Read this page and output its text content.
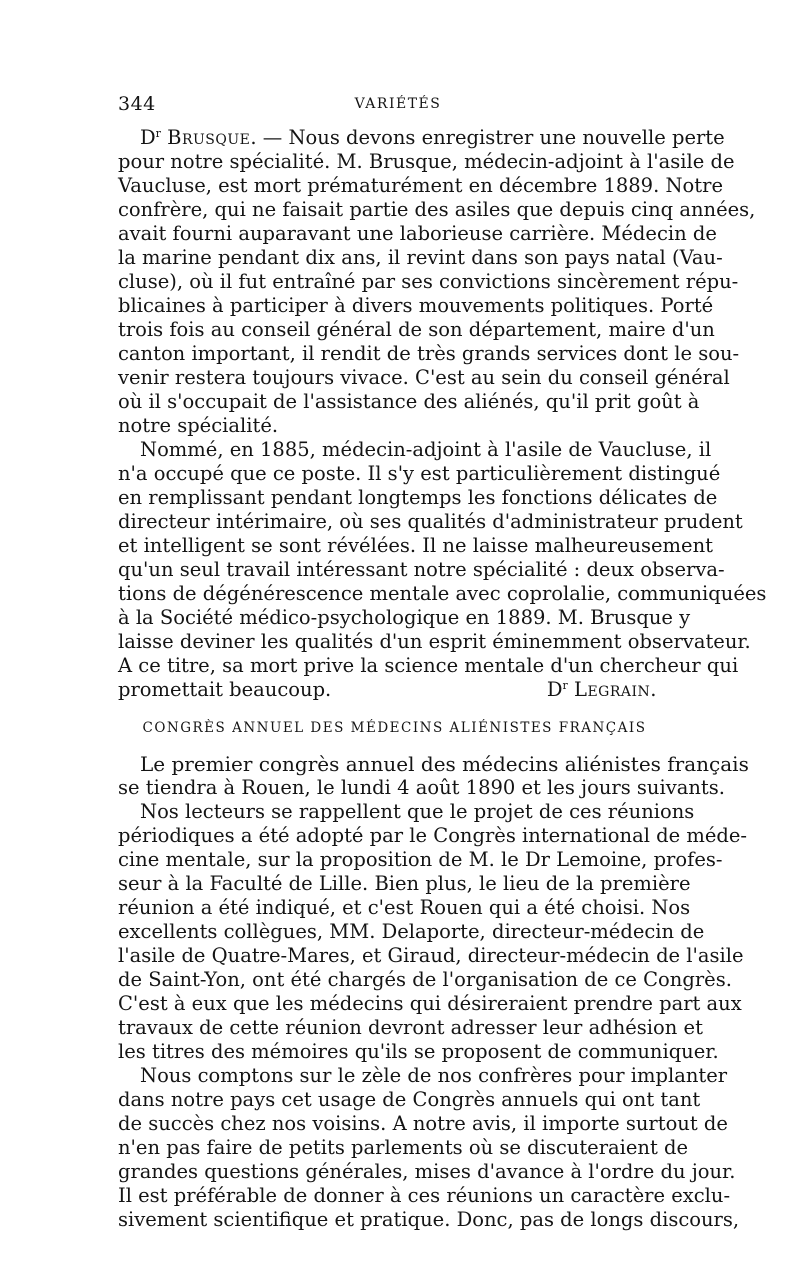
344	VARIÉTÉS
$D^r$ Brusque. — Nous devons enregistrer une nouvelle perte
pour notre spécialité. M. Brusque, médecin-adjoint à l'asile de
Vaucluse, est mort prématurément en décembre 1889. Notre
confrère, qui ne faisait partie des asiles que depuis cinq années,
avait fourni auparavant une laborieuse carrière. Médecin de
la marine pendant dix ans, il revint dans son pays natal (Vau-
cluse), où il fut entraîné par ses convictions sincèrement répu-
blicaines à participer à divers mouvements politiques. Porté
trois fois au conseil général de son département, maire d'un
canton important, il rendit de très grands services dont le sou-
venir restera toujours vivace. C'est au sein du conseil général
où il s'occupait de l'assistance des aliénés, qu'il prit goût à
notre spécialité.
Nommé, en 1885, médecin-adjoint à l'asile de Vaucluse, il
n'a occupé que ce poste. Il s'y est particulièrement distingué
en remplissant pendant longtemps les fonctions délicates de
directeur intérimaire, où ses qualités d'administrateur prudent
et intelligent se sont révélées. Il ne laisse malheureusement
qu'un seul travail intéressant notre spécialité : deux observa-
tions de dégénérescence mentale avec coprolalie, communiquées
à la Société médico-psychologique en 1889. M. Brusque y
laisse deviner les qualités d'un esprit éminemment observateur.
A ce titre, sa mort prive la science mentale d'un chercheur qui
promettait beaucoup.	$D^r$ Legrain.
CONGRÈS ANNUEL DES MÉDECINS ALIÉNISTES FRANÇAIS
Le premier congrès annuel des médecins aliénistes français
se tiendra à Rouen, le lundi 4 août 1890 et les jours suivants.
Nos lecteurs se rappellent que le projet de ces réunions
périodiques a été adopté par le Congrès international de méde-
cine mentale, sur la proposition de M. le Dr Lemoine, profes-
seur à la Faculté de Lille. Bien plus, le lieu de la première
réunion a été indiqué, et c'est Rouen qui a été choisi. Nos
excellents collègues, MM. Delaporte, directeur-médecin de
l'asile de Quatre-Mares, et Giraud, directeur-médecin de l'asile
de Saint-Yon, ont été chargés de l'organisation de ce Congrès.
C'est à eux que les médecins qui désireraient prendre part aux
travaux de cette réunion devront adresser leur adhésion et
les titres des mémoires qu'ils se proposent de communiquer.
Nous comptons sur le zèle de nos confrères pour implanter
dans notre pays cet usage de Congrès annuels qui ont tant
de succès chez nos voisins. A notre avis, il importe surtout de
n'en pas faire de petits parlements où se discuteraient de
grandes questions générales, mises d'avance à l'ordre du jour.
Il est préférable de donner à ces réunions un caractère exclu-
sivement scientifique et pratique. Donc, pas de longs discours,
